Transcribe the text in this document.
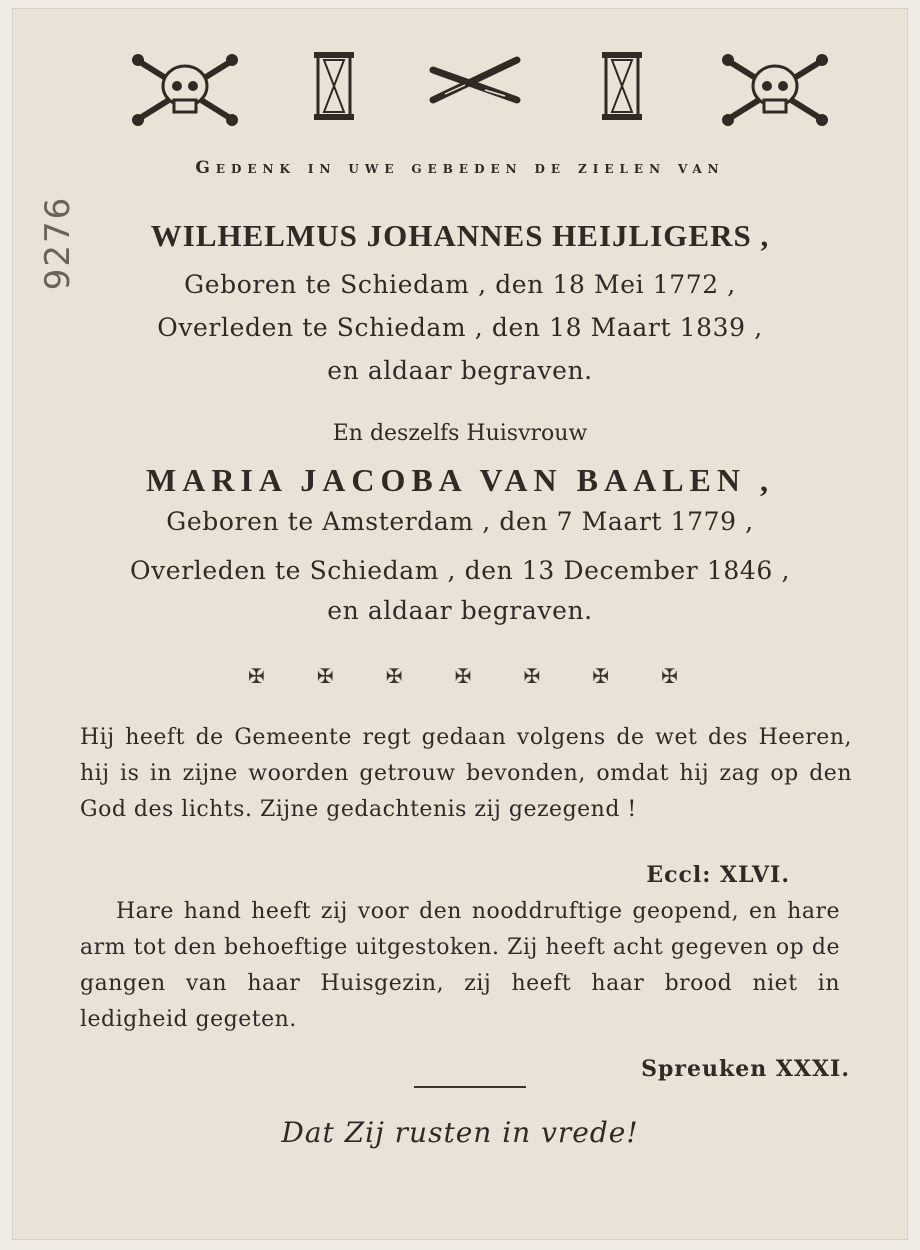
9276
Gedenk in uwe gebeden de zielen van
WILHELMUS JOHANNES HEIJLIGERS ,
Geboren te Schiedam , den 18 Mei 1772 ,
Overleden te Schiedam , den 18 Maart 1839 ,
en aldaar begraven.
En deszelfs Huisvrouw
MARIA JACOBA VAN BAALEN ,
Geboren te Amsterdam , den 7 Maart 1779 ,
Overleden te Schiedam , den 13 December 1846 ,
en aldaar begraven.
✠	✠	✠	✠	✠	✠	✠
Hij heeft de Gemeente regt gedaan volgens de wet des Heeren, hij is in zijne woorden getrouw bevonden, omdat hij zag op den God des lichts. Zijne gedachtenis zij gezegend !
Eccl: XLVI.
Hare hand heeft zij voor den nooddruftige geopend, en hare arm tot den behoeftige uitgestoken. Zij heeft acht gegeven op de gangen van haar Huisgezin, zij heeft haar brood niet in ledigheid gegeten.
Spreuken XXXI.
Dat Zij rusten in vrede!
